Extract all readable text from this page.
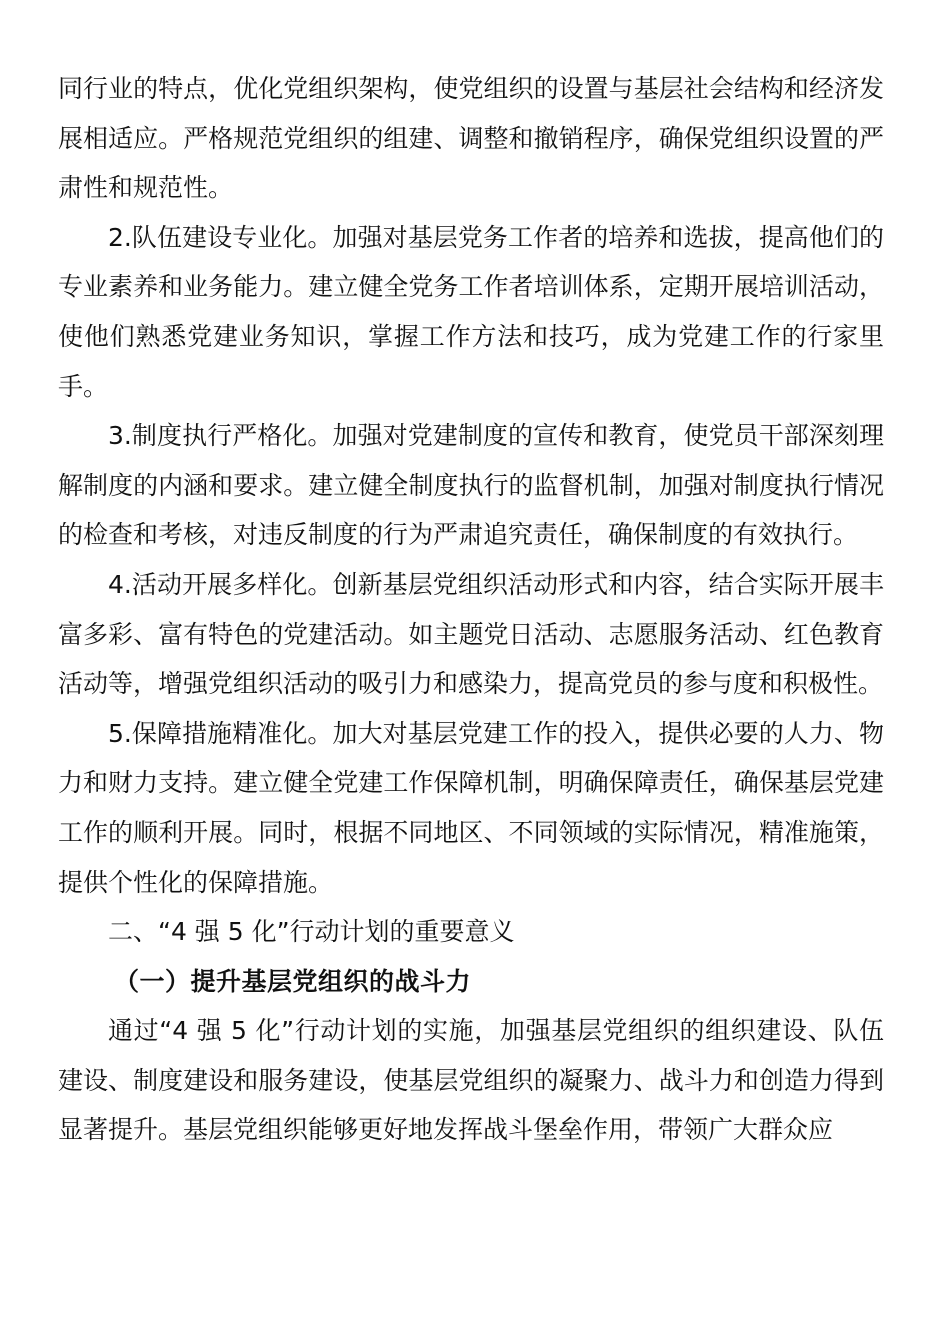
同行业的特点，优化党组织架构，使党组织的设置与基层社会结构和经济发展相适应。严格规范党组织的组建、调整和撤销程序，确保党组织设置的严肃性和规范性。

2.队伍建设专业化。加强对基层党务工作者的培养和选拔，提高他们的专业素养和业务能力。建立健全党务工作者培训体系，定期开展培训活动，使他们熟悉党建业务知识，掌握工作方法和技巧，成为党建工作的行家里手。

3.制度执行严格化。加强对党建制度的宣传和教育，使党员干部深刻理解制度的内涵和要求。建立健全制度执行的监督机制，加强对制度执行情况的检查和考核，对违反制度的行为严肃追究责任，确保制度的有效执行。

4.活动开展多样化。创新基层党组织活动形式和内容，结合实际开展丰富多彩、富有特色的党建活动。如主题党日活动、志愿服务活动、红色教育活动等，增强党组织活动的吸引力和感染力，提高党员的参与度和积极性。

5.保障措施精准化。加大对基层党建工作的投入，提供必要的人力、物力和财力支持。建立健全党建工作保障机制，明确保障责任，确保基层党建工作的顺利开展。同时，根据不同地区、不同领域的实际情况，精准施策，提供个性化的保障措施。

二、“4 强 5 化”行动计划的重要意义

（一）提升基层党组织的战斗力

通过“4 强 5 化”行动计划的实施，加强基层党组织的组织建设、队伍建设、制度建设和服务建设，使基层党组织的凝聚力、战斗力和创造力得到显著提升。基层党组织能够更好地发挥战斗堡垒作用，带领广大群众应
